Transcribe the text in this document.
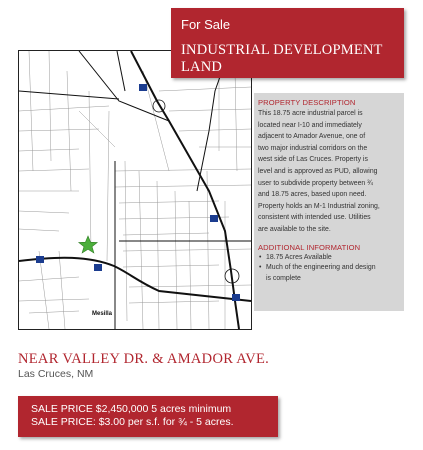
Mesilla
For Sale
INDUSTRIAL DEVELOPMENT LAND
PROPERTY DESCRIPTION
This 18.75 acre industrial parcel is
located near I-10 and immediately
adjacent to Amador Avenue, one of
two major industrial corridors on the
west side of Las Cruces. Property is
level and is approved as PUD, allowing
user to subdivide property between ¾
and 18.75 acres, based upon need.
Property holds an M-1 Industrial zoning,
consistent with intended use. Utilities
are available to the site.
ADDITIONAL INFORMATION
• 18.75 Acres Available
• Much of the engineering and design
is complete
NEAR VALLEY DR. & AMADOR AVE.
Las Cruces, NM
SALE PRICE $2,450,000 5 acres minimum
SALE PRICE: $3.00 per s.f. for ¾ - 5 acres.
